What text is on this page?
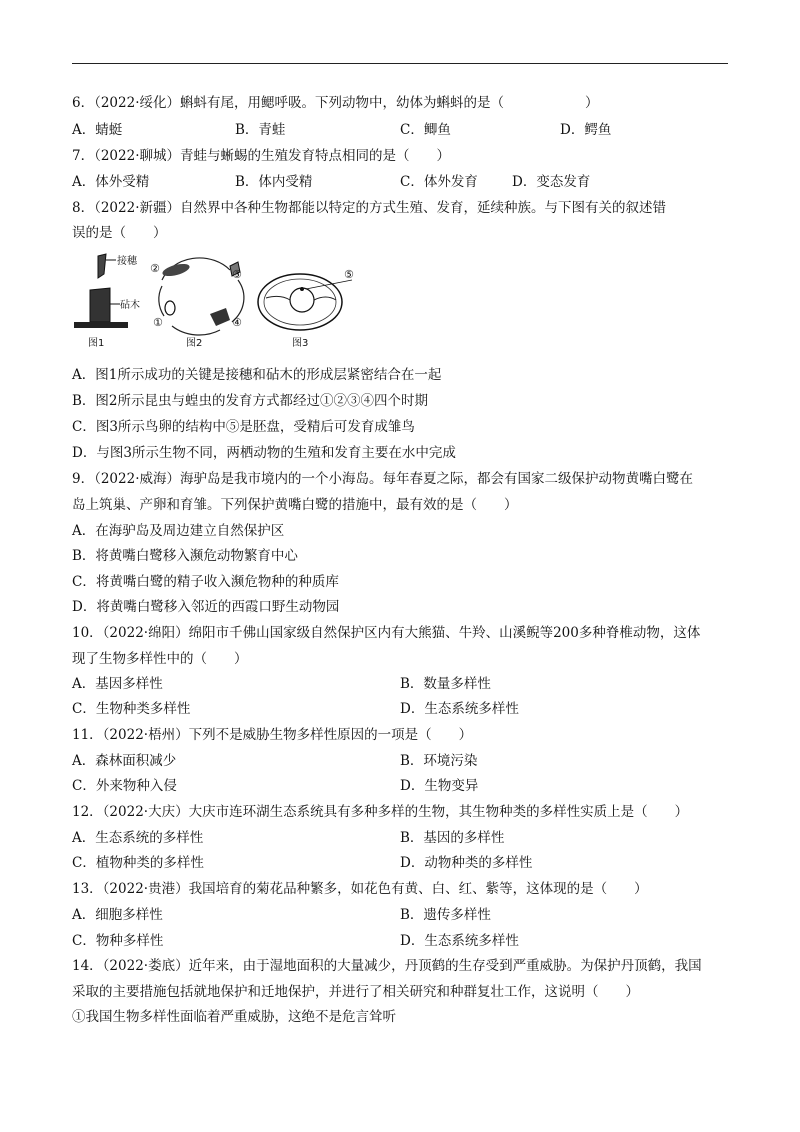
6．（2022·绥化）蝌蚪有尾，用鳃呼吸。下列动物中，幼体为蝌蚪的是（　　　　　　）
A．蜻蜓	B．青蛙	C．鲫鱼	D．鳄鱼
7．（2022·聊城）青蛙与蜥蜴的生殖发育特点相同的是（　　）
A．体外受精	B．体内受精	C．体外发育	D．变态发育
8．（2022·新疆）自然界中各种生物都能以特定的方式生殖、发育，延续种族。与下图有关的叙述错
误的是（　　）
接穗
砧木
图1
②	③
④
①
图2
⑤
图3
A．图1所示成功的关键是接穗和砧木的形成层紧密结合在一起
B．图2所示昆虫与蝗虫的发育方式都经过①②③④四个时期
C．图3所示鸟卵的结构中⑤是胚盘，受精后可发育成雏鸟
D．与图3所示生物不同，两栖动物的生殖和发育主要在水中完成
9．（2022·威海）海驴岛是我市境内的一个小海岛。每年春夏之际，都会有国家二级保护动物黄嘴白鹭在
岛上筑巢、产卵和育雏。下列保护黄嘴白鹭的措施中，最有效的是（　　）
A．在海驴岛及周边建立自然保护区
B．将黄嘴白鹭移入濒危动物繁育中心
C．将黄嘴白鹭的精子收入濒危物种的种质库
D．将黄嘴白鹭移入邻近的西霞口野生动物园
10．（2022·绵阳）绵阳市千佛山国家级自然保护区内有大熊猫、牛羚、山溪鲵等200多种脊椎动物，这体
现了生物多样性中的（　　）
A．基因多样性	B．数量多样性
C．生物种类多样性	D．生态系统多样性
11．（2022·梧州）下列不是威胁生物多样性原因的一项是（　　）
A．森林面积减少	B．环境污染
C．外来物种入侵	D．生物变异
12．（2022·大庆）大庆市连环湖生态系统具有多种多样的生物，其生物种类的多样性实质上是（　　）
A．生态系统的多样性	B．基因的多样性
C．植物种类的多样性	D．动物种类的多样性
13．（2022·贵港）我国培育的菊花品种繁多，如花色有黄、白、红、紫等，这体现的是（　　）
A．细胞多样性	B．遗传多样性
C．物种多样性	D．生态系统多样性
14．（2022·娄底）近年来，由于湿地面积的大量减少，丹顶鹤的生存受到严重威胁。为保护丹顶鹤，我国
采取的主要措施包括就地保护和迁地保护，并进行了相关研究和种群复壮工作，这说明（　　）
①我国生物多样性面临着严重威胁，这绝不是危言耸听
